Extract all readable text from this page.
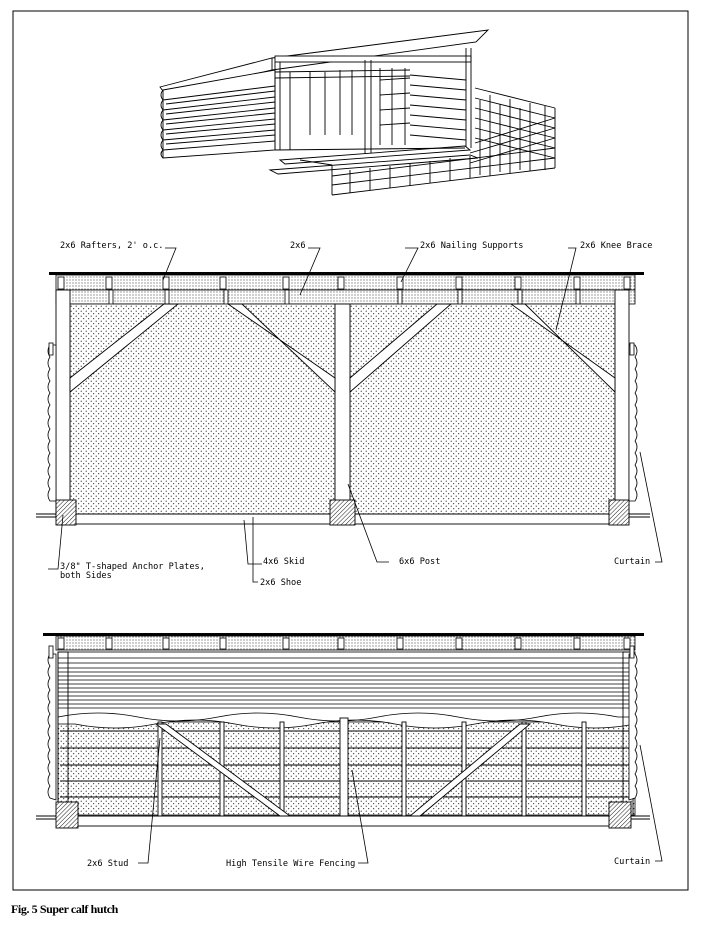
2x6 Rafters, 2' o.c.	2x6	2x6 Nailing Supports	2x6 Knee Brace
3/8" T-shaped Anchor Plates,
both Sides
4x6 Skid
2x6 Shoe
6x6 Post	Curtain
2x6 Stud	High Tensile Wire Fencing	Curtain

Fig. 5 Super calf hutch
